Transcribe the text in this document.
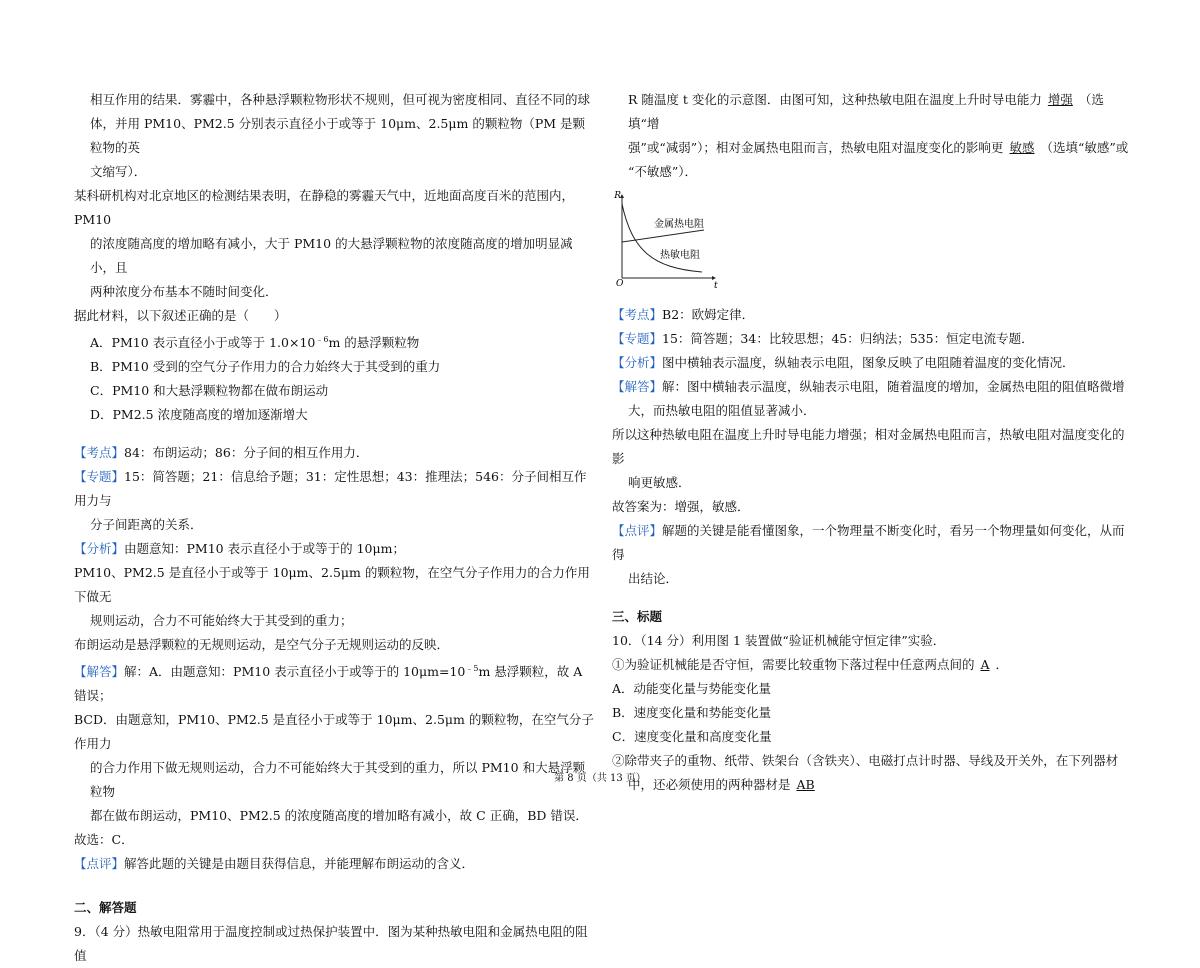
相互作用的结果．雾霾中，各种悬浮颗粒物形状不规则，但可视为密度相同、直径不同的球

体，并用 PM10、PM2.5 分别表示直径小于或等于 10μm、2.5μm 的颗粒物（PM 是颗粒物的英

文缩写）．

某科研机构对北京地区的检测结果表明，在静稳的雾霾天气中，近地面高度百米的范围内，PM10

的浓度随高度的增加略有减小，大于 PM10 的大悬浮颗粒物的浓度随高度的增加明显减小，且

两种浓度分布基本不随时间变化．

据此材料，以下叙述正确的是（　　）

A．PM10 表示直径小于或等于 $1.0\times 10^{﹣6}m$ 的悬浮颗粒物

B．PM10 受到的空气分子作用力的合力始终大于其受到的重力

C．PM10 和大悬浮颗粒物都在做布朗运动

D．PM2.5 浓度随高度的增加逐渐增大

【考点】84：布朗运动；86：分子间的相互作用力．

【专题】15：简答题；21：信息给予题；31：定性思想；43：推理法；546：分子间相互作用力与

分子间距离的关系．

【分析】由题意知：PM10 表示直径小于或等于的 10μm；

PM10、PM2.5 是直径小于或等于 10μm、2.5μm 的颗粒物，在空气分子作用力的合力作用下做无

规则运动，合力不可能始终大于其受到的重力；

布朗运动是悬浮颗粒的无规则运动，是空气分子无规则运动的反映．

【解答】解：A．由题意知：PM10 表示直径小于或等于的 $10\mu m=10^{﹣5}m$ 悬浮颗粒，故 A 错误；

BCD．由题意知，PM10、PM2.5 是直径小于或等于 10μm、2.5μm 的颗粒物，在空气分子作用力

的合力作用下做无规则运动，合力不可能始终大于其受到的重力，所以 PM10 和大悬浮颗粒物

都在做布朗运动，PM10、PM2.5 的浓度随高度的增加略有减小，故 C 正确，BD 错误．

故选：C．

【点评】解答此题的关键是由题目获得信息，并能理解布朗运动的含义．

二、解答题

9．（4 分）热敏电阻常用于温度控制或过热保护装置中．图为某种热敏电阻和金属热电阻的阻值

R 随温度 t 变化的示意图．由图可知，这种热敏电阻在温度上升时导电能力 增强 （选填“增

强”或“减弱”）；相对金属热电阻而言，热敏电阻对温度变化的影响更 敏感 （选填“敏感”或

“不敏感”）．

R
O	t
金属热电阻
热敏电阻

【考点】B2：欧姆定律．

【专题】15：简答题；34：比较思想；45：归纳法；535：恒定电流专题．

【分析】图中横轴表示温度，纵轴表示电阻，图象反映了电阻随着温度的变化情况．

【解答】解：图中横轴表示温度，纵轴表示电阻，随着温度的增加，金属热电阻的阻值略微增

大，而热敏电阻的阻值显著减小．

所以这种热敏电阻在温度上升时导电能力增强；相对金属热电阻而言，热敏电阻对温度变化的影

响更敏感．

故答案为：增强，敏感．

【点评】解题的关键是能看懂图象，一个物理量不断变化时，看另一个物理量如何变化，从而得

出结论．

三、标题

10．（14 分）利用图 1 装置做“验证机械能守恒定律”实验．

①为验证机械能是否守恒，需要比较重物下落过程中任意两点间的 A ．

A．动能变化量与势能变化量

B．速度变化量和势能变化量

C．速度变化量和高度变化量

②除带夹子的重物、纸带、铁架台（含铁夹）、电磁打点计时器、导线及开关外，在下列器材

中，还必须使用的两种器材是 AB

第 8 页（共 13 页）
